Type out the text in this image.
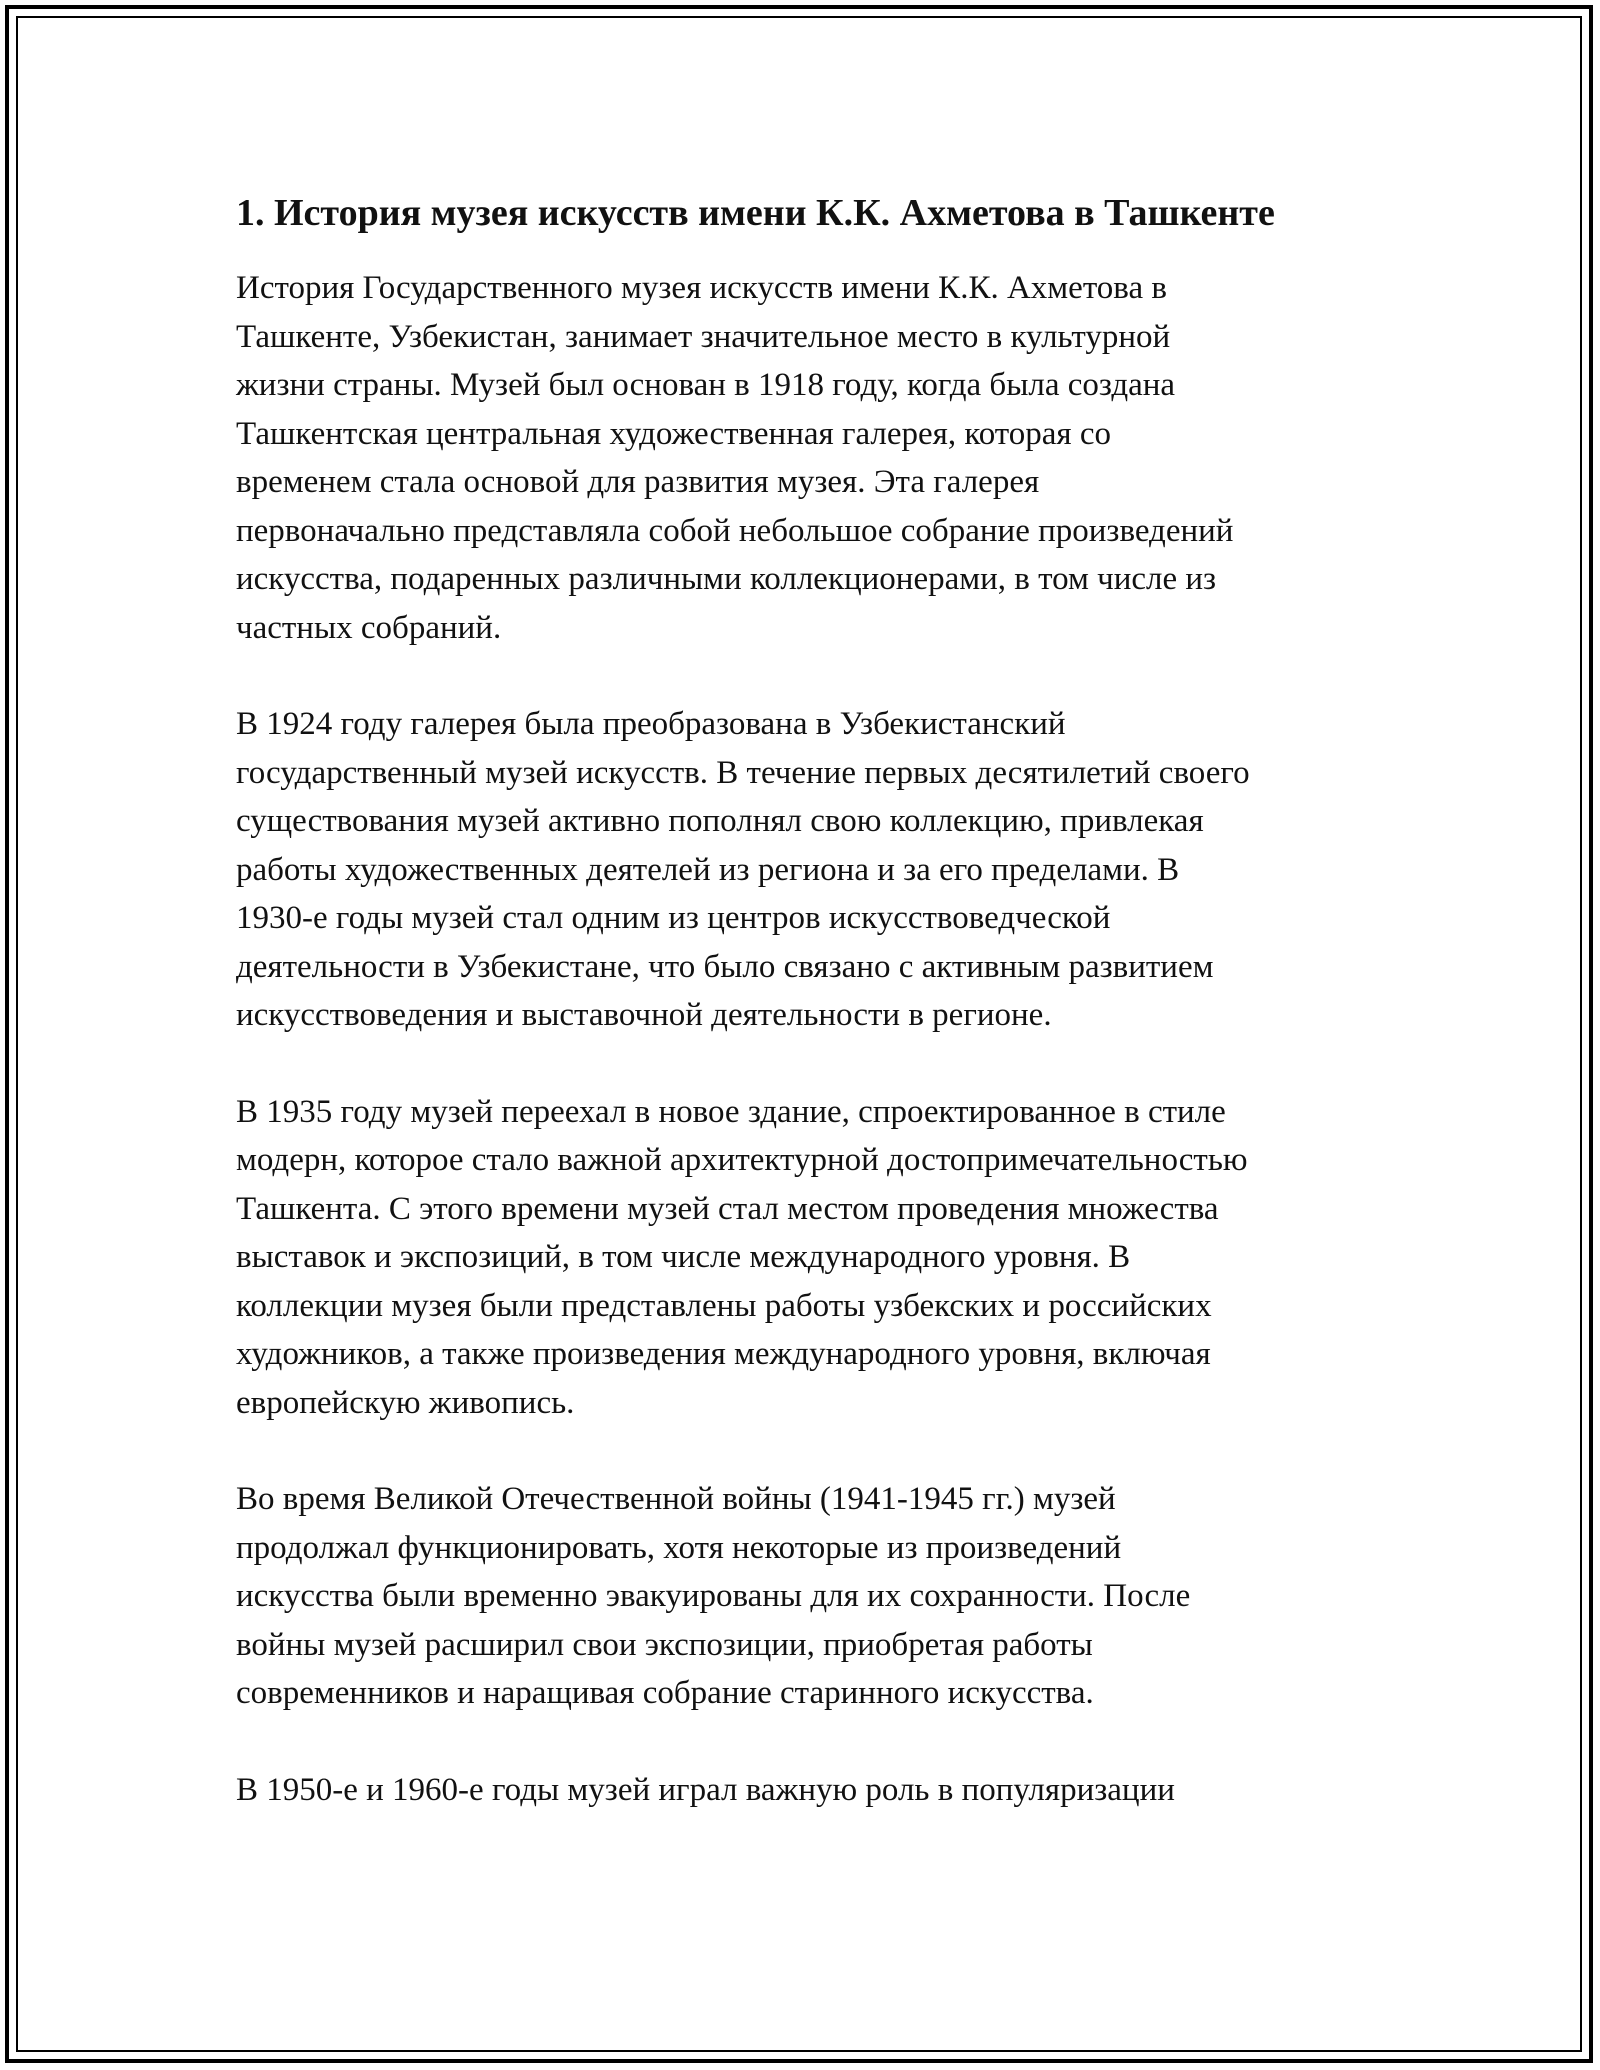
1. История музея искусств имени К.К. Ахметова в Ташкенте

История Государственного музея искусств имени К.К. Ахметова в
Ташкенте, Узбекистан, занимает значительное место в культурной
жизни страны. Музей был основан в 1918 году, когда была создана
Ташкентская центральная художественная галерея, которая со
временем стала основой для развития музея. Эта галерея
первоначально представляла собой небольшое собрание произведений
искусства, подаренных различными коллекционерами, в том числе из
частных собраний.

В 1924 году галерея была преобразована в Узбекистанский
государственный музей искусств. В течение первых десятилетий своего
существования музей активно пополнял свою коллекцию, привлекая
работы художественных деятелей из региона и за его пределами. В
1930-е годы музей стал одним из центров искусствоведческой
деятельности в Узбекистане, что было связано с активным развитием
искусствоведения и выставочной деятельности в регионе.

В 1935 году музей переехал в новое здание, спроектированное в стиле
модерн, которое стало важной архитектурной достопримечательностью
Ташкента. С этого времени музей стал местом проведения множества
выставок и экспозиций, в том числе международного уровня. В
коллекции музея были представлены работы узбекских и российских
художников, а также произведения международного уровня, включая
европейскую живопись.

Во время Великой Отечественной войны (1941-1945 гг.) музей
продолжал функционировать, хотя некоторые из произведений
искусства были временно эвакуированы для их сохранности. После
войны музей расширил свои экспозиции, приобретая работы
современников и наращивая собрание старинного искусства.

В 1950-е и 1960-е годы музей играл важную роль в популяризации
